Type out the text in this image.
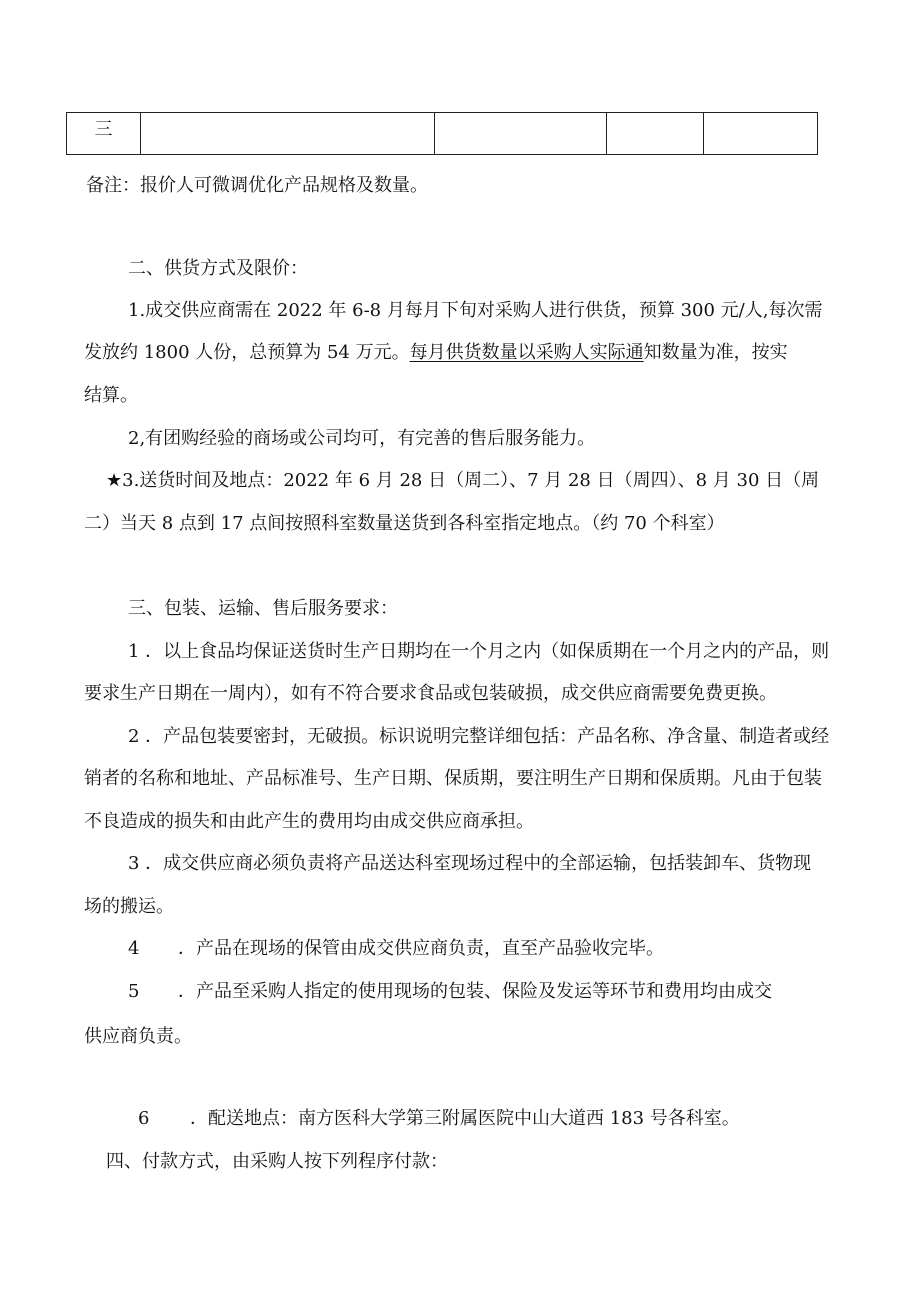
三				
备注：报价人可微调优化产品规格及数量。
二、供货方式及限价：
1.成交供应商需在 2022 年 6-8 月每月下旬对采购人进行供货，预算 300 元/人,每次需
发放约 1800 人份，总预算为 54 万元。每月供货数量以采购人实际通知数量为准，按实
结算。
2,有团购经验的商场或公司均可，有完善的售后服务能力。
★3.送货时间及地点：2022 年 6 月 28 日（周二）、7 月 28 日（周四）、8 月 30 日（周
二）当天 8 点到 17 点间按照科室数量送货到各科室指定地点。（约 70 个科室）
三、包装、运输、售后服务要求：
1 ．以上食品均保证送货时生产日期均在一个月之内（如保质期在一个月之内的产品，则
要求生产日期在一周内），如有不符合要求食品或包装破损，成交供应商需要免费更换。
2 ．产品包装要密封，无破损。标识说明完整详细包括：产品名称、净含量、制造者或经
销者的名称和地址、产品标准号、生产日期、保质期，要注明生产日期和保质期。凡由于包装
不良造成的损失和由此产生的费用均由成交供应商承担。
3 ．成交供应商必须负责将产品送达科室现场过程中的全部运输，包括装卸车、货物现
场的搬运。
4 ．产品在现场的保管由成交供应商负责，直至产品验收完毕。
5 ．产品至采购人指定的使用现场的包装、保险及发运等环节和费用均由成交
供应商负责。
6 ．配送地点：南方医科大学第三附属医院中山大道西 183 号各科室。
四、付款方式，由采购人按下列程序付款：
